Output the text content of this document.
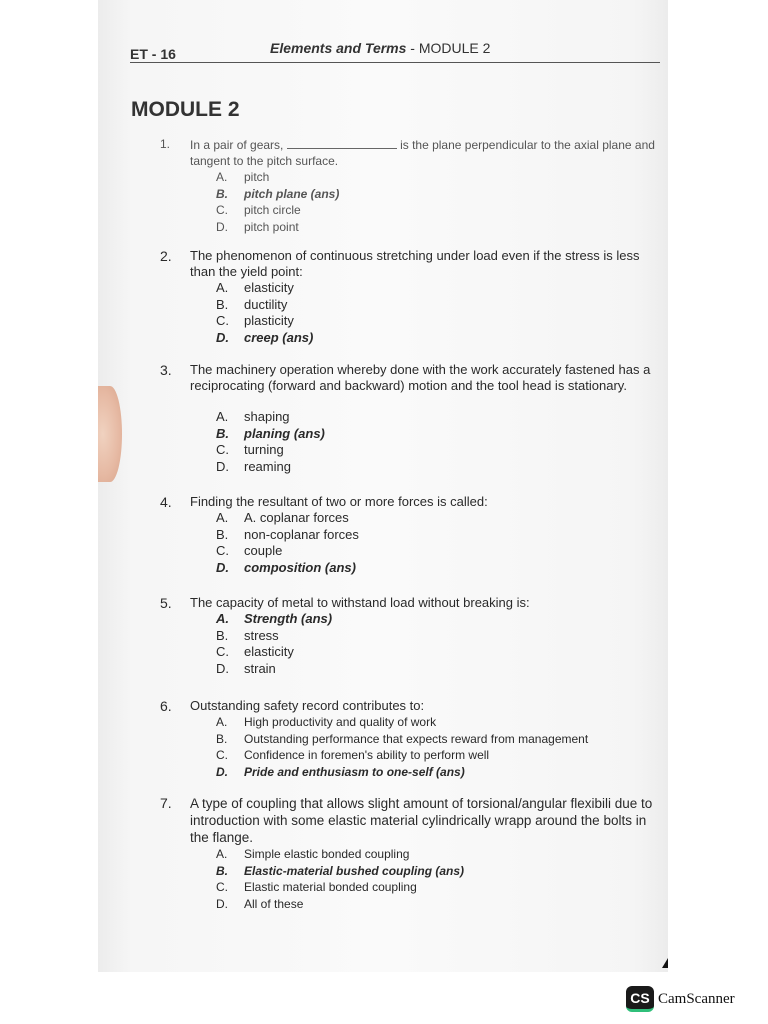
ET - 16	Elements and Terms - MODULE 2
MODULE 2
1. In a pair of gears,	is the plane perpendicular to the axial plane and tangent to the pitch surface.
A. pitch
B. pitch plane (ans)
C. pitch circle
D. pitch point
2. The phenomenon of continuous stretching under load even if the stress is less than the yield point:
A. elasticity
B. ductility
C. plasticity
D. creep (ans)
3. The machinery operation whereby done with the work accurately fastened has a reciprocating (forward and backward) motion and the tool head is stationary.
A. shaping
B. planing (ans)
C. turning
D. reaming
4. Finding the resultant of two or more forces is called:
A. A. coplanar forces
B. non-coplanar forces
C. couple
D. composition (ans)
5. The capacity of metal to withstand load without breaking is:
A. Strength (ans)
B. stress
C. elasticity
D. strain
6. Outstanding safety record contributes to:
A. High productivity and quality of work
B. Outstanding performance that expects reward from management
C. Confidence in foremen's ability to perform well
D. Pride and enthusiasm to one-self (ans)
7. A type of coupling that allows slight amount of torsional/angular flexibili due to introduction with some elastic material cylindrically wrapp around the bolts in the flange.
A. Simple elastic bonded coupling
B. Elastic-material bushed coupling (ans)
C. Elastic material bonded coupling
D. All of these
CS CamScanner
